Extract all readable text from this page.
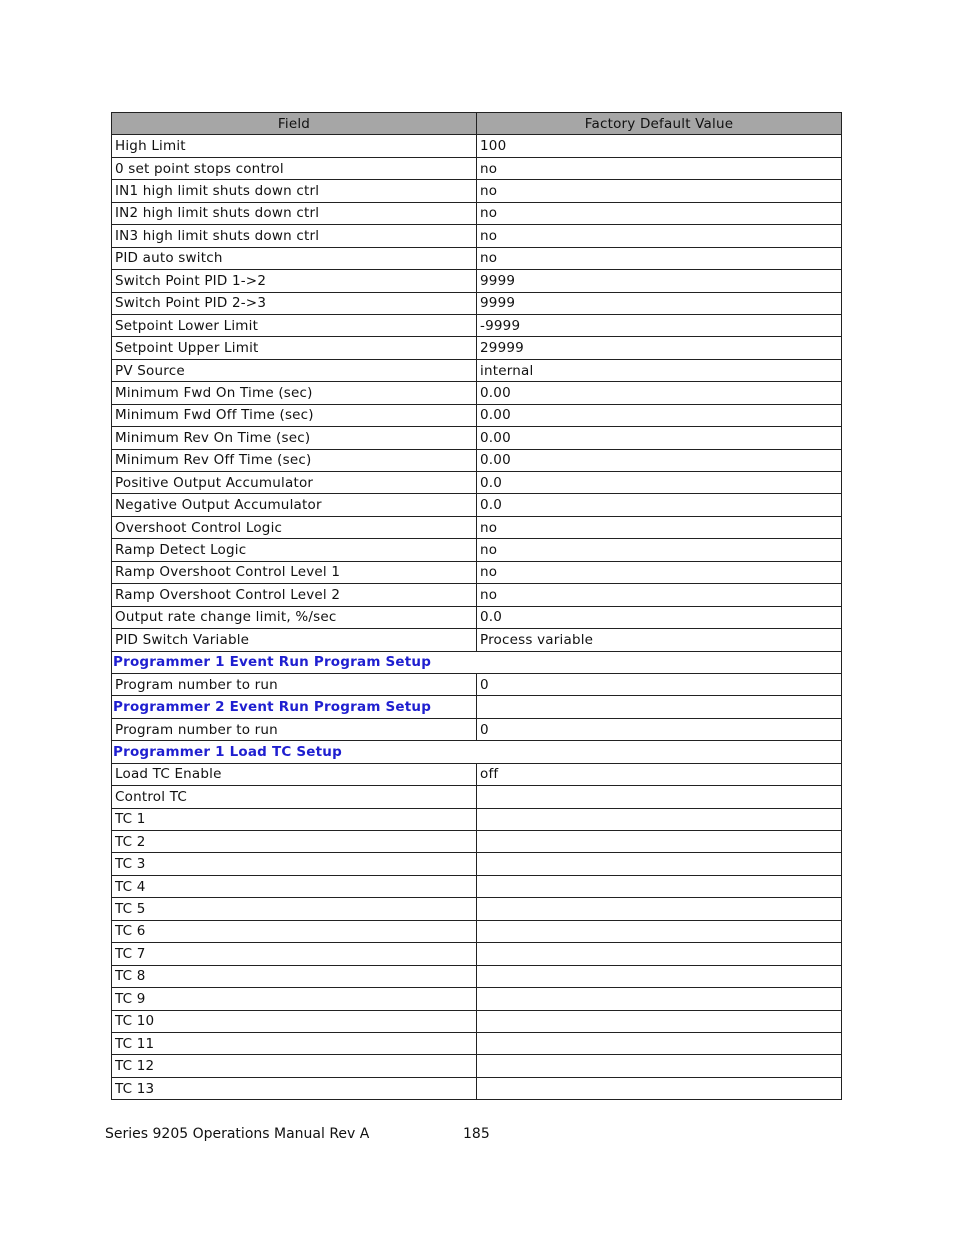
Field	Factory Default Value
High Limit	100
0 set point stops control	no
IN1 high limit shuts down ctrl	no
IN2 high limit shuts down ctrl	no
IN3 high limit shuts down ctrl	no
PID auto switch	no
Switch Point PID 1->2	9999
Switch Point PID 2->3	9999
Setpoint Lower Limit	-9999
Setpoint Upper Limit	29999
PV Source	internal
Minimum Fwd On Time (sec)	0.00
Minimum Fwd Off Time (sec)	0.00
Minimum Rev On Time (sec)	0.00
Minimum Rev Off Time (sec)	0.00
Positive Output Accumulator	0.0
Negative Output Accumulator	0.0
Overshoot Control Logic	no
Ramp Detect Logic	no
Ramp Overshoot Control Level 1	no
Ramp Overshoot Control Level 2	no
Output rate change limit, %/sec	0.0
PID Switch Variable	Process variable
Programmer 1 Event Run Program Setup	
Program number to run	0
Programmer 2 Event Run Program Setup	
Program number to run	0
Programmer 1 Load TC Setup	
Load TC Enable	off
Control TC	
TC 1	
TC 2	
TC 3	
TC 4	
TC 5	
TC 6	
TC 7	
TC 8	
TC 9	
TC 10	
TC 11	
TC 12	
TC 13	
Series 9205 Operations Manual Rev A	185
